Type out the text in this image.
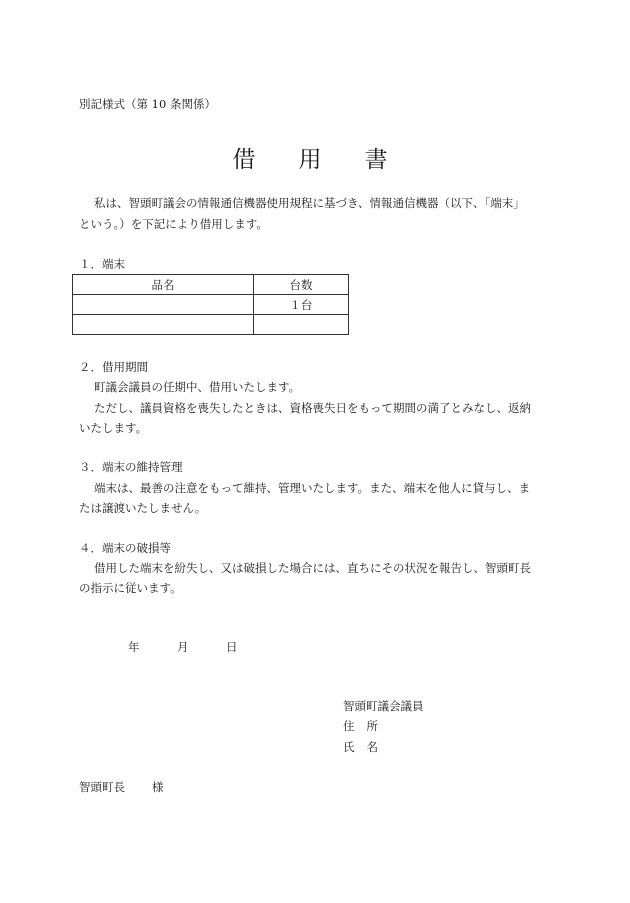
別記様式（第 10 条関係）
借　用　書
私は、智頭町議会の情報通信機器使用規程に基づき、情報通信機器（以下、「端末」
という。）を下記により借用します。
１．端末
品名	台数
	１台

２．借用期間
町議会議員の任期中、借用いたします。
ただし、議員資格を喪失したときは、資格喪失日をもって期間の満了とみなし、返納
いたします。
３．端末の維持管理
端末は、最善の注意をもって維持、管理いたします。また、端末を他人に貸与し、ま
たは譲渡いたしません。
４．端末の破損等
借用した端末を紛失し、又は破損した場合には、直ちにその状況を報告し、智頭町長
の指示に従います。
年	月	日
智頭町議会議員
住所
氏名
智頭町長 様
